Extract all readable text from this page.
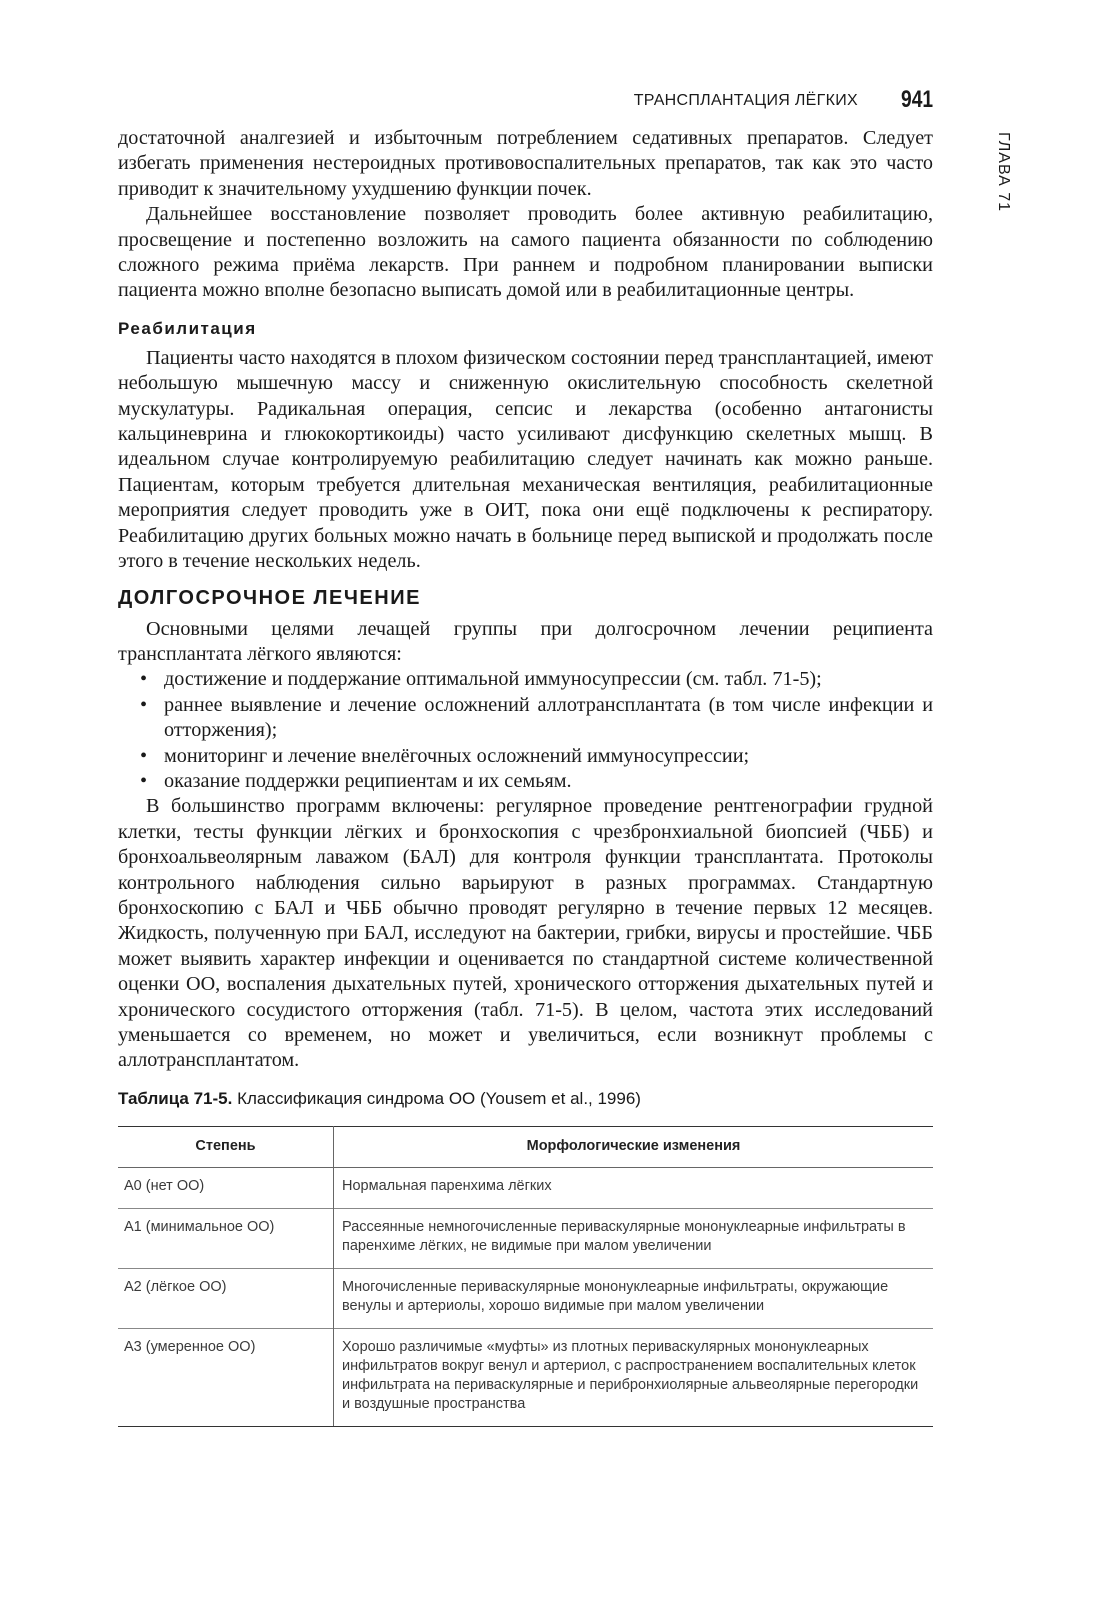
ТРАНСПЛАНТАЦИЯ ЛЁГКИХ 941
ГЛАВА 71

достаточной аналгезией и избыточным потреблением седативных препаратов. Следует избегать применения нестероидных противовоспалительных препаратов, так как это часто приводит к значительному ухудшению функции почек.

Дальнейшее восстановление позволяет проводить более активную реабилитацию, просвещение и постепенно возложить на самого пациента обязанности по соблюдению сложного режима приёма лекарств. При раннем и подробном планировании выписки пациента можно вполне безопасно выписать домой или в реабилитационные центры.

Реабилитация

Пациенты часто находятся в плохом физическом состоянии перед трансплантацией, имеют небольшую мышечную массу и сниженную окислительную способность скелетной мускулатуры. Радикальная операция, сепсис и лекарства (особенно антагонисты кальциневрина и глюкокортикоиды) часто усиливают дисфункцию скелетных мышц. В идеальном случае контролируемую реабилитацию следует начинать как можно раньше. Пациентам, которым требуется длительная механическая вентиляция, реабилитационные мероприятия следует проводить уже в ОИТ, пока они ещё подключены к респиратору. Реабилитацию других больных можно начать в больнице перед выпиской и продолжать после этого в течение нескольких недель.

ДОЛГОСРОЧНОЕ ЛЕЧЕНИЕ

Основными целями лечащей группы при долгосрочном лечении реципиента трансплантата лёгкого являются:

• достижение и поддержание оптимальной иммуносупрессии (см. табл. 71-5);
• раннее выявление и лечение осложнений аллотрансплантата (в том числе инфекции и отторжения);
• мониторинг и лечение внелёгочных осложнений иммуносупрессии;
• оказание поддержки реципиентам и их семьям.

В большинство программ включены: регулярное проведение рентгенографии грудной клетки, тесты функции лёгких и бронхоскопия с чрезбронхиальной биопсией (ЧББ) и бронхоальвеолярным лаважом (БАЛ) для контроля функции трансплантата. Протоколы контрольного наблюдения сильно варьируют в разных программах. Стандартную бронхоскопию с БАЛ и ЧББ обычно проводят регулярно в течение первых 12 месяцев. Жидкость, полученную при БАЛ, исследуют на бактерии, грибки, вирусы и простейшие. ЧББ может выявить характер инфекции и оценивается по стандартной системе количественной оценки ОО, воспаления дыхательных путей, хронического отторжения дыхательных путей и хронического сосудистого отторжения (табл. 71-5). В целом, частота этих исследований уменьшается со временем, но может и увеличиться, если возникнут проблемы с аллотрансплантатом.

Таблица 71-5. Классификация синдрома ОО (Yousem et al., 1996)
Степень	Морфологические изменения
А0 (нет ОО)	Нормальная паренхима лёгких
А1 (минимальное ОО)	Рассеянные немногочисленные периваскулярные мононуклеарные инфильтраты в паренхиме лёгких, не видимые при малом увеличении
А2 (лёгкое ОО)	Многочисленные периваскулярные мононуклеарные инфильтраты, окружающие венулы и артериолы, хорошо видимые при малом увеличении
А3 (умеренное ОО)	Хорошо различимые «муфты» из плотных периваскулярных мононуклеарных инфильтратов вокруг венул и артериол, с распространением воспалительных клеток инфильтрата на периваскулярные и перибронхиолярные альвеолярные перегородки и воздушные пространства
